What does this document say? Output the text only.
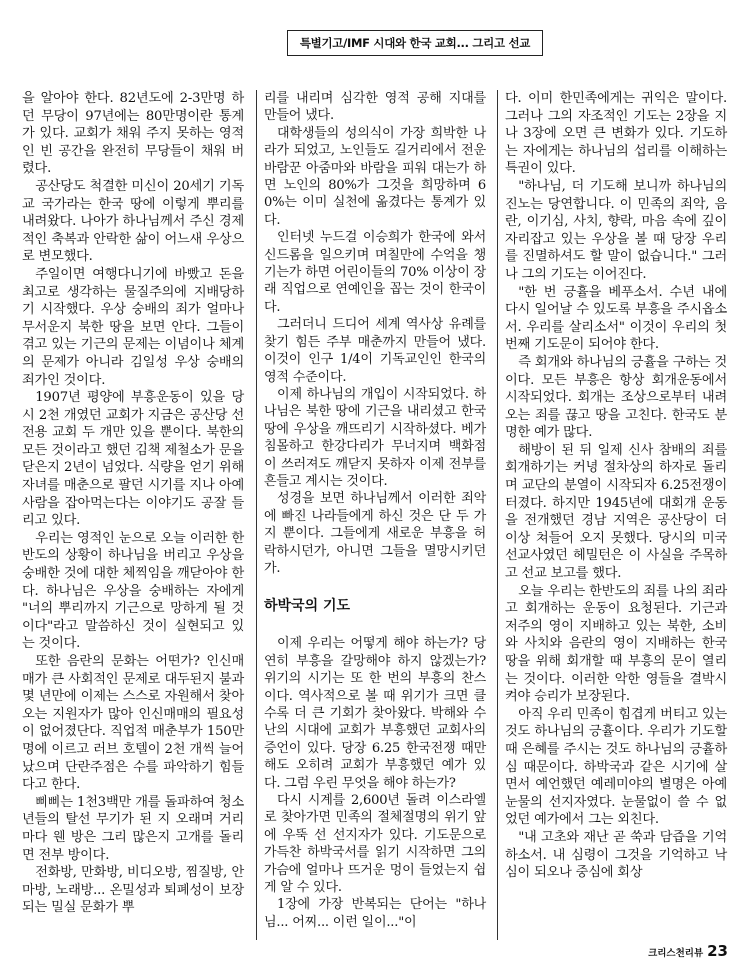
특별기고/IMF 시대와 한국 교회... 그리고 선교

을 알아야 한다. 82년도에 2-3만명 하던 무당이 97년에는 80만명이란 통계가 있다. 교회가 채워 주지 못하는 영적인 빈 공간을 완전히 무당들이 채워 버렸다.

공산당도 척결한 미신이 20세기 기독교 국가라는 한국 땅에 이렇게 뿌리를 내려왔다. 나아가 하나님께서 주신 경제적인 축복과 안락한 삶이 어느새 우상으로 변모했다.

주일이면 여행다니기에 바빴고 돈을 최고로 생각하는 물질주의에 지배당하기 시작했다. 우상 숭배의 죄가 얼마나 무서운지 북한 땅을 보면 안다. 그들이 겪고 있는 기근의 문제는 이념이나 체계의 문제가 아니라 김일성 우상 숭배의 죄가인 것이다.

1907년 평양에 부흥운동이 있을 당시 2천 개였던 교회가 지금은 공산당 선전용 교회 두 개만 있을 뿐이다. 북한의 모든 것이라고 했던 김책 제철소가 문을 닫은지 2년이 넘었다. 식량을 얻기 위해 자녀를 매춘으로 팔던 시기를 지나 아예 사람을 잡아먹는다는 이야기도 공잘 들리고 있다.

우리는 영적인 눈으로 오늘 이러한 한반도의 상황이 하나님을 버리고 우상을 숭배한 것에 대한 체찍임을 깨닫아야 한다. 하나님은 우상을 숭배하는 자에게 "너의 뿌리까지 기근으로 망하게 될 것이다"라고 말씀하신 것이 실현되고 있는 것이다.

또한 음란의 문화는 어떤가? 인신매매가 큰 사회적인 문제로 대두된지 불과 몇 년만에 이제는 스스로 자원해서 찾아오는 지원자가 많아 인신매매의 필요성이 없어졌단다. 직업적 매춘부가 150만 명에 이르고 러브 호텔이 2천 개씩 늘어났으며 단란주점은 수를 파악하기 힘들다고 한다.

삐삐는 1천3백만 개를 돌파하여 청소년들의 탈선 무기가 된 지 오래며 거리마다 웬 방은 그리 많은지 고개를 돌리면 전부 방이다.

전화방, 만화방, 비디오방, 찜질방, 안마방, 노래방... 온밀성과 퇴폐성이 보장되는 밀실 문화가 뿌

리를 내리며 심각한 영적 공해 지대를 만들어 냈다.

대학생들의 성의식이 가장 희박한 나라가 되었고, 노인들도 길거리에서 전운 바람꾼 아줌마와 바람을 피워 대는가 하면 노인의 80%가 그것을 희망하며 60%는 이미 실천에 옮겼다는 통계가 있다.

인터넷 누드걸 이승희가 한국에 와서 신드롬을 일으키며 며칠만에 수억을 챙기는가 하면 어린이들의 70% 이상이 장래 직업으로 연예인을 꼽는 것이 한국이다.

그러더니 드디어 세계 역사상 유례를 찾기 힘든 주부 매춘까지 만들어 냈다. 이것이 인구 1/4이 기독교인인 한국의 영적 수준이다.

이제 하나님의 개입이 시작되었다. 하나님은 북한 땅에 기근을 내리셨고 한국 땅에 우상을 깨뜨리기 시작하셨다. 베가 침몰하고 한강다리가 무너지며 백화점이 쓰러져도 깨닫지 못하자 이제 전부를 흔들고 계시는 것이다.

성경을 보면 하나님께서 이러한 죄악에 빠진 나라들에게 하신 것은 단 두 가지 뿐이다. 그들에게 새로운 부흥을 허락하시던가, 아니면 그들을 멸망시키던가.

하박국의 기도

이제 우리는 어떻게 해야 하는가? 당연히 부흥을 갈망해야 하지 않겠는가? 위기의 시기는 또 한 번의 부흥의 찬스이다. 역사적으로 볼 때 위기가 크면 클수록 더 큰 기회가 찾아왔다. 박해와 수난의 시대에 교회가 부흥했던 교회사의 증언이 있다. 당장 6.25 한국전쟁 때만 해도 오히려 교회가 부흥했던 예가 있다. 그럼 우린 무엇을 해야 하는가?

다시 시계를 2,600년 돌려 이스라엘로 찾아가면 민족의 절체절명의 위기 앞에 우뚝 선 선지자가 있다. 기도문으로 가득찬 하박국서를 읽기 시작하면 그의 가슴에 얼마나 뜨거운 멍이 들었는지 쉽게 알 수 있다.

1장에 가장 반복되는 단어는 "하나님... 어찌... 이런 일이..."이

다. 이미 한민족에게는 귀익은 말이다. 그러나 그의 자조적인 기도는 2장을 지나 3장에 오면 큰 변화가 있다. 기도하는 자에게는 하나님의 섭리를 이해하는 특권이 있다.

"하나님, 더 기도해 보니까 하나님의 진노는 당연합니다. 이 민족의 죄악, 음란, 이기심, 사치, 향락, 마음 속에 깊이 자리잡고 있는 우상을 볼 때 당장 우리를 진멸하셔도 할 말이 없습니다." 그러나 그의 기도는 이어진다.

"한 번 긍휼을 베푸소서. 수년 내에 다시 일어날 수 있도록 부흥을 주시옵소서. 우리를 살리소서" 이것이 우리의 첫 번째 기도문이 되어야 한다.

즉 회개와 하나님의 긍휼을 구하는 것이다. 모든 부흥은 항상 회개운동에서 시작되었다. 회개는 조상으로부터 내려오는 죄를 끊고 땅을 고친다. 한국도 분명한 예가 많다.

해방이 된 뒤 일제 신사 참배의 죄를 회개하기는 커녕 절차상의 하자로 돌리며 교단의 분열이 시작되자 6.25전쟁이 터졌다. 하지만 1945년에 대회개 운동을 전개했던 경남 지역은 공산당이 더 이상 쳐들어 오지 못했다. 당시의 미국 선교사였던 헤밀턴은 이 사실을 주목하고 선교 보고를 했다.

오늘 우리는 한반도의 죄를 나의 죄라고 회개하는 운동이 요청된다. 기근과 저주의 영이 지배하고 있는 북한, 소비와 사치와 음란의 영이 지배하는 한국 땅을 위해 회개할 때 부흥의 문이 열리는 것이다. 이러한 악한 영들을 결박시켜야 승리가 보장된다.

아직 우리 민족이 힘겹게 버티고 있는 것도 하나님의 긍휼이다. 우리가 기도할 때 은혜를 주시는 것도 하나님의 긍휼하심 때문이다. 하박국과 같은 시기에 살면서 예언했던 예레미야의 별명은 아예 눈물의 선지자였다. 눈물없이 쓸 수 없었던 예가에서 그는 외친다.

"내 고초와 재난 곧 쑥과 담즙을 기억하소서. 내 심령이 그것을 기억하고 낙심이 되오나 중심에 회상

크리스천리뷰 23
